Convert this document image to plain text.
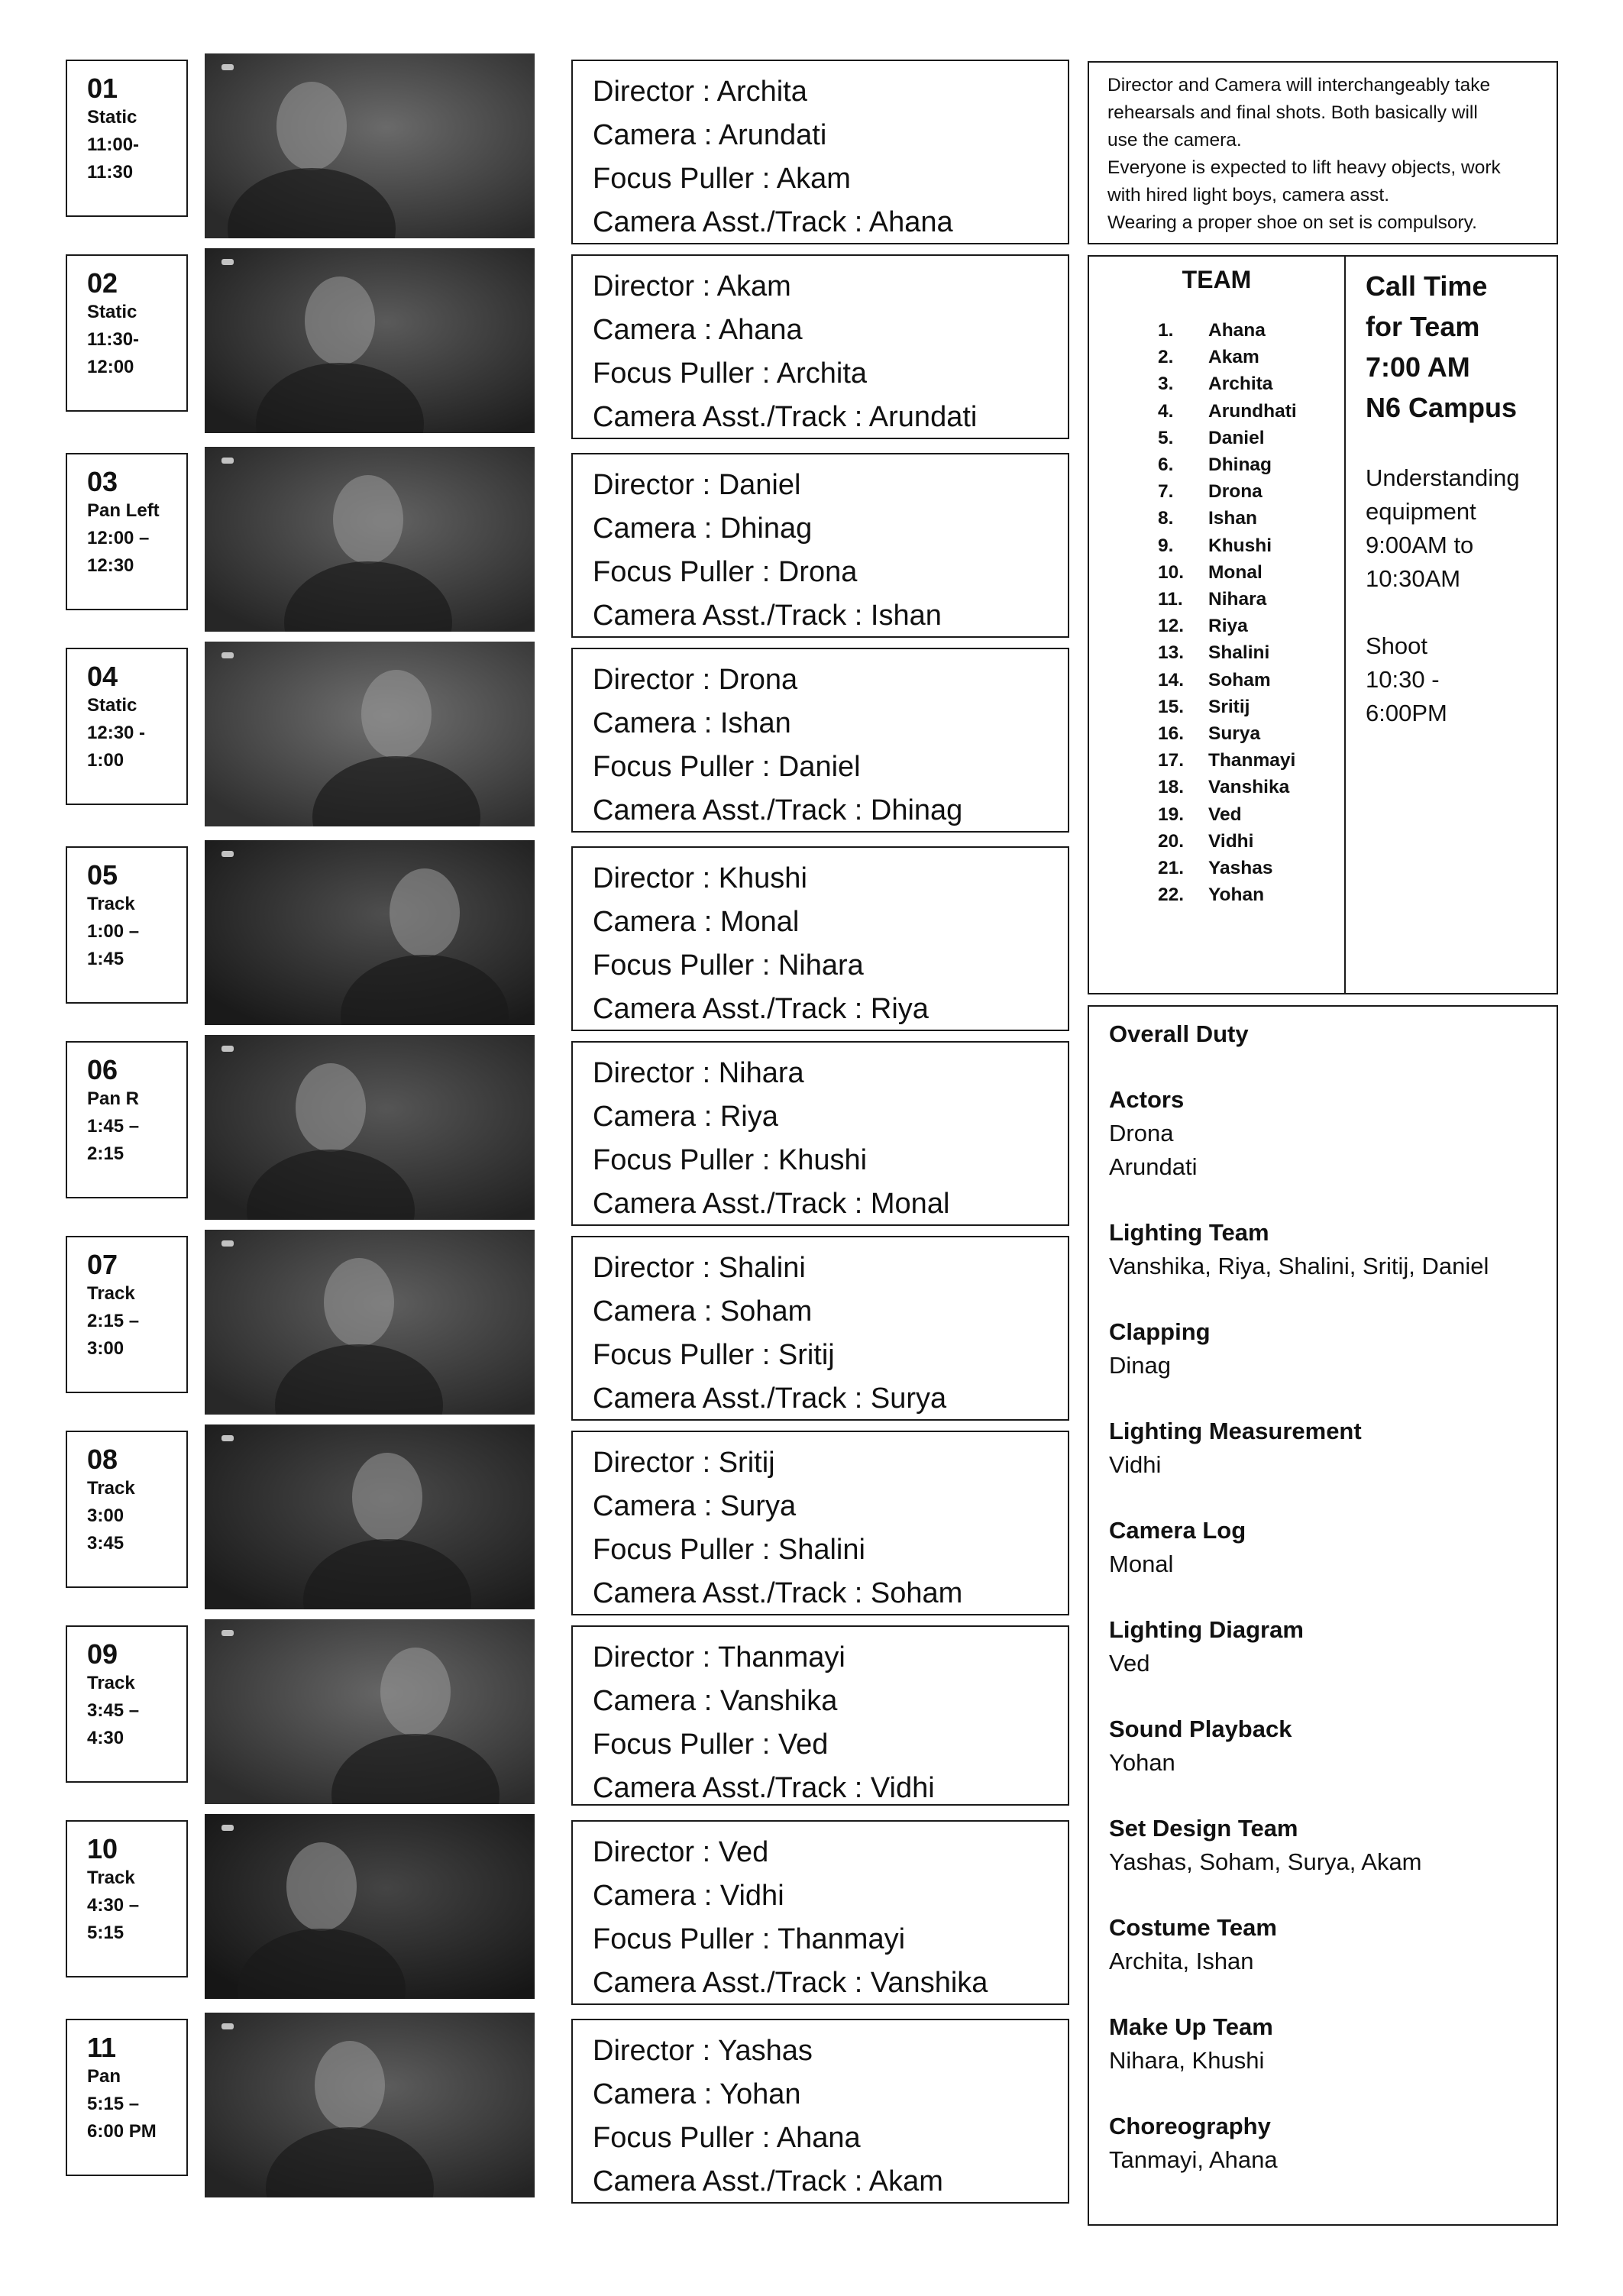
01
Static
11:00-
11:30
Director : Archita
Camera : Arundati
Focus Puller : Akam
Camera Asst./Track : Ahana
02
Static
11:30-
12:00
Director : Akam
Camera : Ahana
Focus Puller : Archita
Camera Asst./Track : Arundati
03
Pan Left
12:00 –
12:30
Director : Daniel
Camera : Dhinag
Focus Puller : Drona
Camera Asst./Track : Ishan
04
Static
12:30 -
1:00
Director : Drona
Camera : Ishan
Focus Puller : Daniel
Camera Asst./Track : Dhinag
05
Track
1:00 –
1:45
Director : Khushi
Camera : Monal
Focus Puller : Nihara
Camera Asst./Track : Riya
06
Pan R
1:45 –
2:15
Director : Nihara
Camera : Riya
Focus Puller : Khushi
Camera Asst./Track : Monal
07
Track
2:15 –
3:00
Director : Shalini
Camera : Soham
Focus Puller : Sritij
Camera Asst./Track : Surya
08
Track
3:00
3:45
Director : Sritij
Camera : Surya
Focus Puller : Shalini
Camera Asst./Track : Soham
09
Track
3:45 –
4:30
Director : Thanmayi
Camera : Vanshika
Focus Puller : Ved
Camera Asst./Track : Vidhi
10
Track
4:30 –
5:15
Director : Ved
Camera : Vidhi
Focus Puller : Thanmayi
Camera Asst./Track : Vanshika
11
Pan
5:15 –
6:00 PM
Director : Yashas
Camera : Yohan
Focus Puller : Ahana
Camera Asst./Track : Akam
Director and Camera will interchangeably take
rehearsals and final shots. Both basically will
use the camera.
Everyone is expected to lift heavy objects, work
with hired light boys, camera asst.
Wearing a proper shoe on set is compulsory.
TEAM
1.	Ahana
2.	Akam
3.	Archita
4.	Arundhati
5.	Daniel
6.	Dhinag
7.	Drona
8.	Ishan
9.	Khushi
10.	Monal
11.	Nihara
12.	Riya
13.	Shalini
14.	Soham
15.	Sritij
16.	Surya
17.	Thanmayi
18.	Vanshika
19.	Ved
20.	Vidhi
21.	Yashas
22.	Yohan
Call Time
for Team
7:00 AM
N6 Campus
Understanding
equipment
9:00AM to
10:30AM
Shoot
10:30 -
6:00PM
Overall Duty
Actors
Drona
Arundati
Lighting Team
Vanshika, Riya, Shalini, Sritij, Daniel
Clapping
Dinag
Lighting Measurement
Vidhi
Camera Log
Monal
Lighting Diagram
Ved
Sound Playback
Yohan
Set Design Team
Yashas, Soham, Surya, Akam
Costume Team
Archita, Ishan
Make Up Team
Nihara, Khushi
Choreography
Tanmayi, Ahana
